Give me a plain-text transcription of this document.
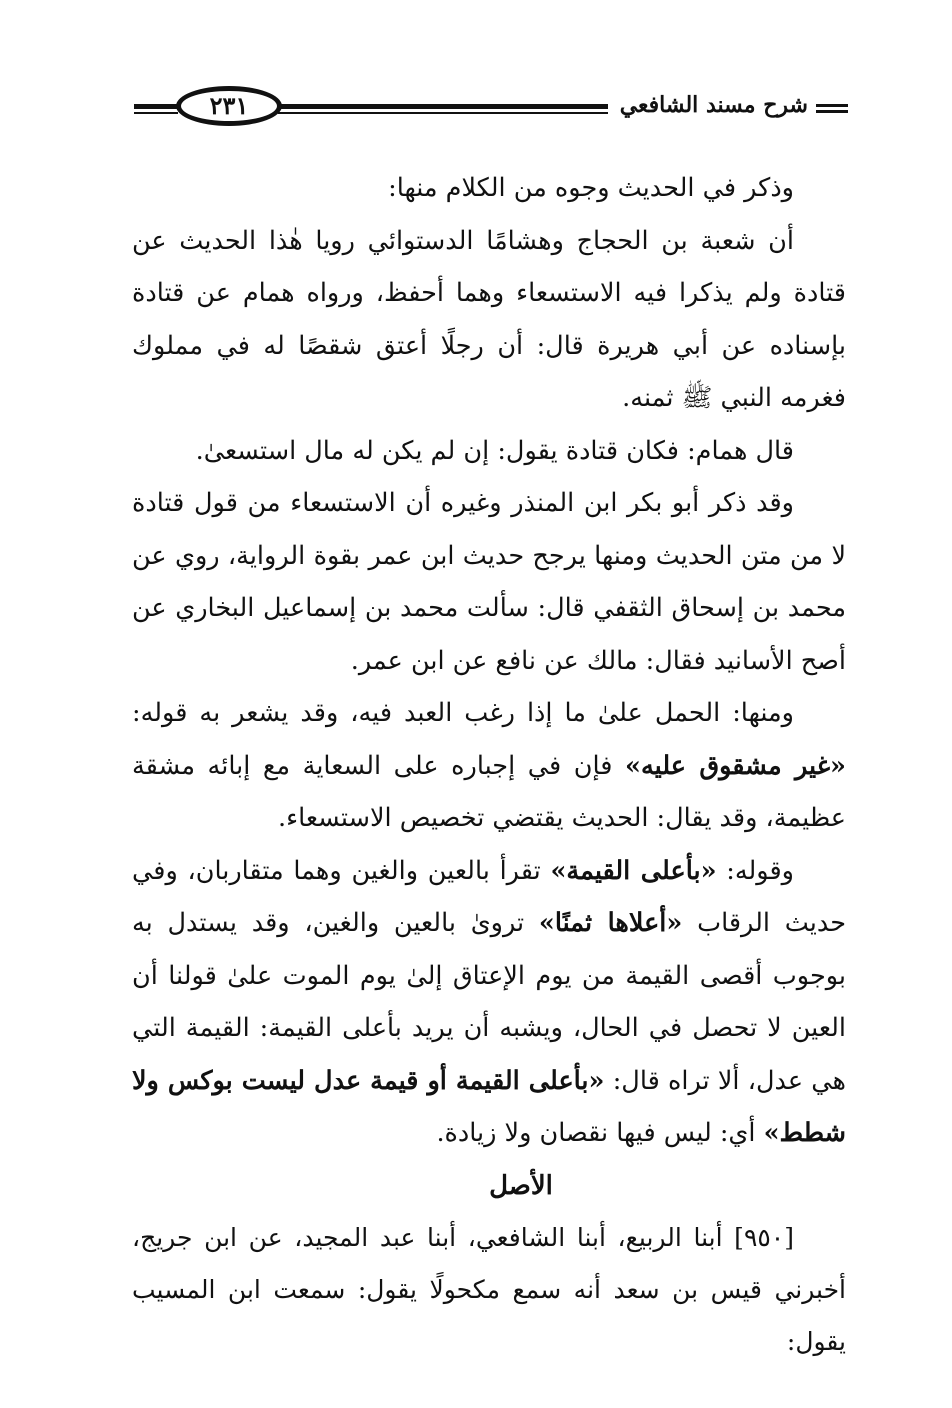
شرح مسند الشافعي
٢٣١

وذكر في الحديث وجوه من الكلام منها:

أن شعبة بن الحجاج وهشامًا الدستوائي رويا هٰذا الحديث عن قتادة ولم يذكرا فيه الاستسعاء وهما أحفظ، ورواه همام عن قتادة بإسناده عن أبي هريرة قال: أن رجلًا أعتق شقصًا له في مملوك فغرمه النبي ﷺ ثمنه.

قال همام: فكان قتادة يقول: إن لم يكن له مال استسعىٰ.

وقد ذكر أبو بكر ابن المنذر وغيره أن الاستسعاء من قول قتادة لا من متن الحديث ومنها يرجح حديث ابن عمر بقوة الرواية، روي عن محمد بن إسحاق الثقفي قال: سألت محمد بن إسماعيل البخاري عن أصح الأسانيد فقال: مالك عن نافع عن ابن عمر.

ومنها: الحمل علىٰ ما إذا رغب العبد فيه، وقد يشعر به قوله: «غير مشقوق عليه» فإن في إجباره على السعاية مع إبائه مشقة عظيمة، وقد يقال: الحديث يقتضي تخصيص الاستسعاء.

وقوله: «بأعلى القيمة» تقرأ بالعين والغين وهما متقاربان، وفي حديث الرقاب «أعلاها ثمنًا» تروىٰ بالعين والغين، وقد يستدل به بوجوب أقصى القيمة من يوم الإعتاق إلىٰ يوم الموت علىٰ قولنا أن العين لا تحصل في الحال، ويشبه أن يريد بأعلى القيمة: القيمة التي هي عدل، ألا تراه قال: «بأعلى القيمة أو قيمة عدل ليست بوكس ولا شطط» أي: ليس فيها نقصان ولا زيادة.

الأصل

[٩٥٠] أبنا الربيع، أبنا الشافعي، أبنا عبد المجيد، عن ابن جريج، أخبرني قيس بن سعد أنه سمع مكحولًا يقول: سمعت ابن المسيب يقول:
